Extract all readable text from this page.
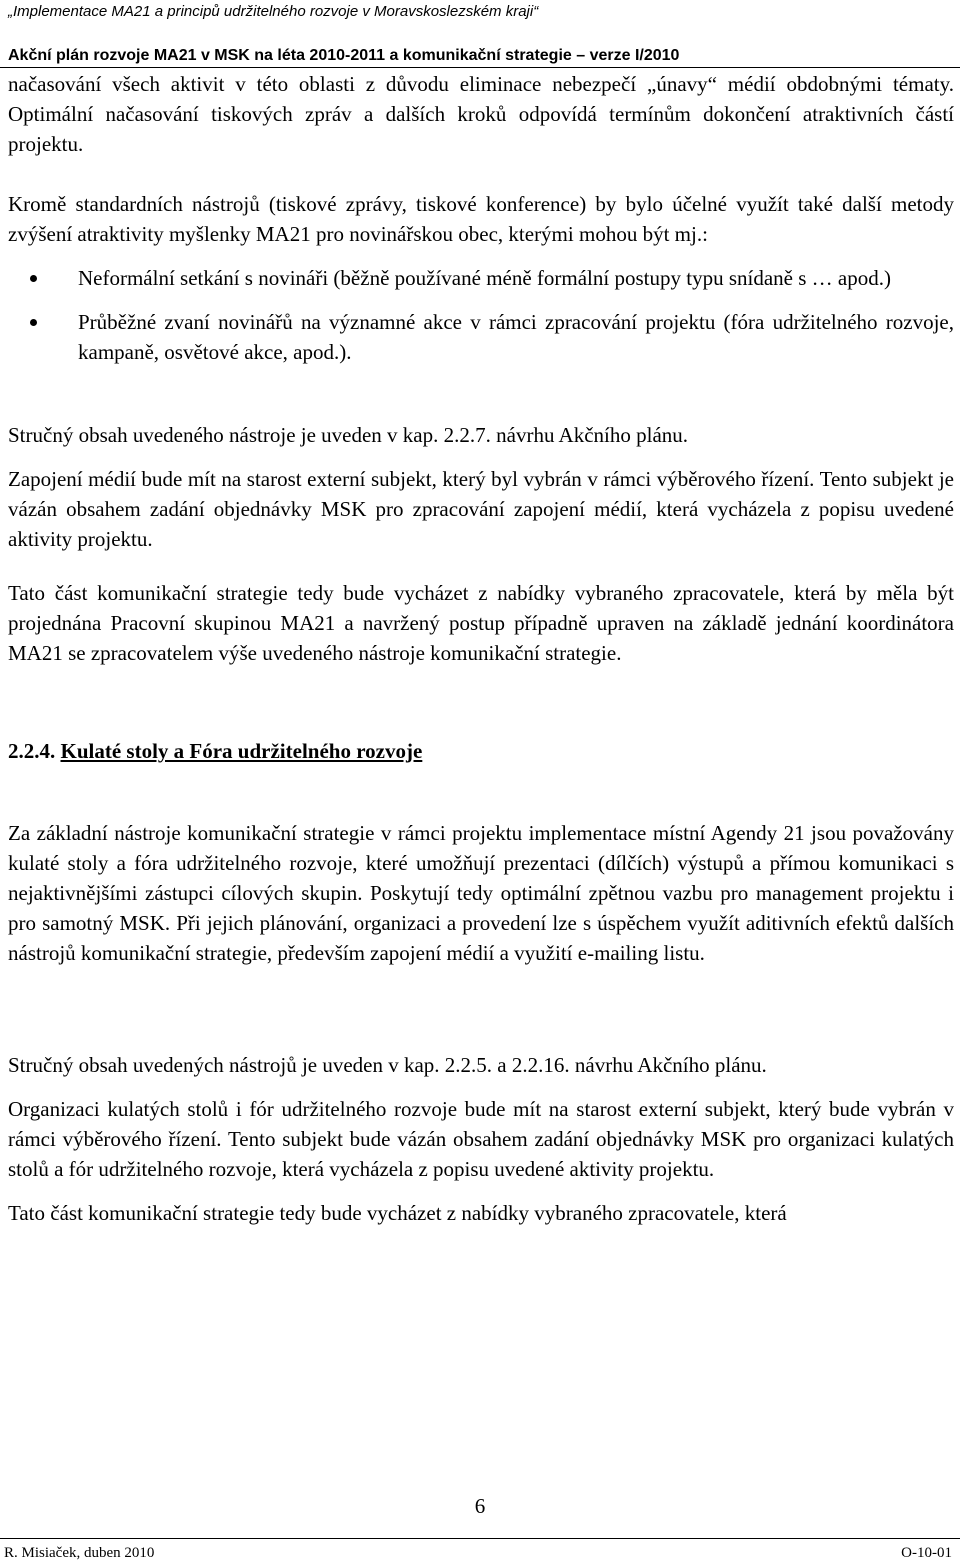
„Implementace MA21 a principů udržitelného rozvoje v Moravskoslezském kraji“
Akční plán rozvoje MA21 v MSK na léta 2010-2011 a komunikační strategie – verze I/2010

načasování všech aktivit v této oblasti z důvodu eliminace nebezpečí „únavy“ médií obdobnými tématy. Optimální načasování tiskových zpráv a dalších kroků odpovídá termínům dokončení atraktivních částí projektu.

Kromě standardních nástrojů (tiskové zprávy, tiskové konference) by bylo účelné využít také další metody zvýšení atraktivity myšlenky MA21 pro novinářskou obec, kterými mohou být mj.:

Neformální setkání s novináři (běžně používané méně formální postupy typu snídaně s … apod.)
Průběžné zvaní novinářů na významné akce v rámci zpracování projektu (fóra udržitelného rozvoje, kampaně, osvětové akce, apod.).

Stručný obsah uvedeného nástroje je uveden v kap. 2.2.7. návrhu Akčního plánu.

Zapojení médií bude mít na starost externí subjekt, který byl vybrán v rámci výběrového řízení. Tento subjekt je vázán obsahem zadání objednávky MSK pro zpracování zapojení médií, která vycházela z popisu uvedené aktivity projektu.

Tato část komunikační strategie tedy bude vycházet z nabídky vybraného zpracovatele, která by měla být projednána Pracovní skupinou MA21 a navržený postup případně upraven na základě jednání koordinátora MA21 se zpracovatelem výše uvedeného nástroje komunikační strategie.

2.2.4. Kulaté stoly a Fóra udržitelného rozvoje

Za základní nástroje komunikační strategie v rámci projektu implementace místní Agendy 21 jsou považovány kulaté stoly a fóra udržitelného rozvoje, které umožňují prezentaci (dílčích) výstupů a přímou komunikaci s nejaktivnějšími zástupci cílových skupin. Poskytují tedy optimální zpětnou vazbu pro management projektu i pro samotný MSK. Při jejich plánování, organizaci a provedení lze s úspěchem využít aditivních efektů dalších nástrojů komunikační strategie, především zapojení médií a využití e-mailing listu.

Stručný obsah uvedených nástrojů je uveden v kap. 2.2.5. a 2.2.16. návrhu Akčního plánu.

Organizaci kulatých stolů i fór udržitelného rozvoje bude mít na starost externí subjekt, který bude vybrán v rámci výběrového řízení. Tento subjekt bude vázán obsahem zadání objednávky MSK pro organizaci kulatých stolů a fór udržitelného rozvoje, která vycházela z popisu uvedené aktivity projektu.

Tato část komunikační strategie tedy bude vycházet z nabídky vybraného zpracovatele, která

6
R. Misiaček, duben 2010	O-10-01
